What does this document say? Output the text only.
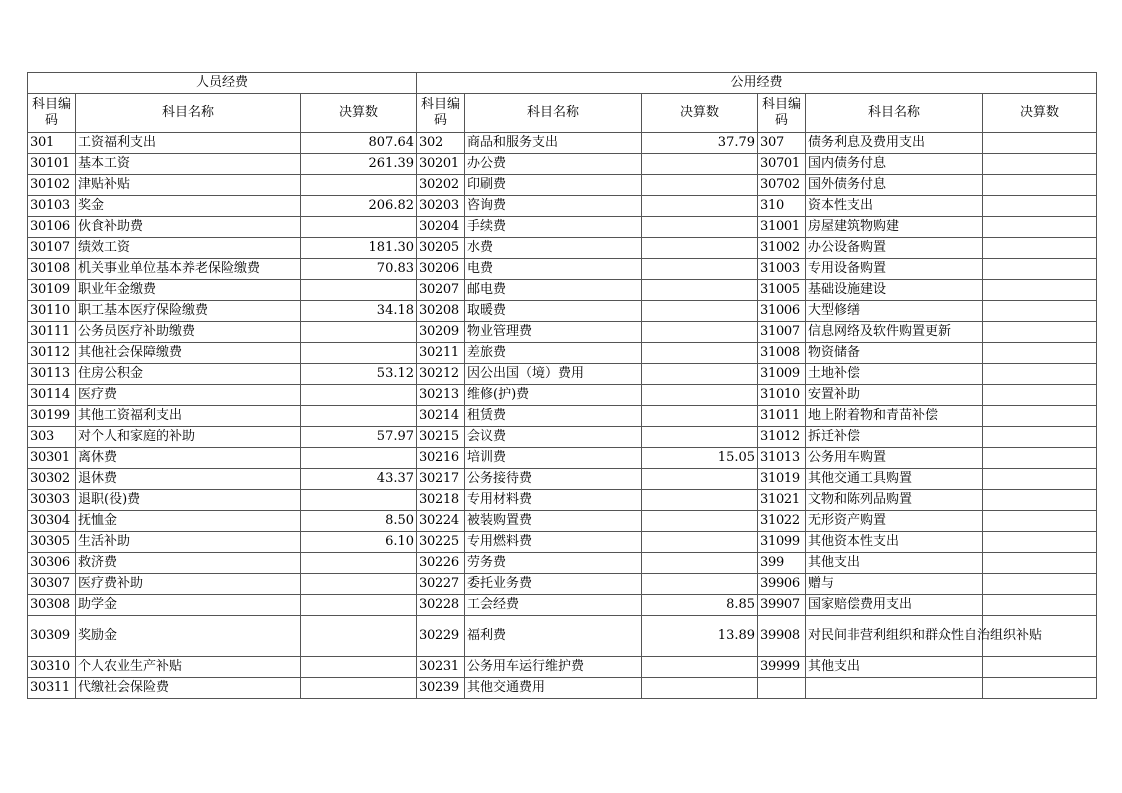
人员经费			公用经费					
科目编码	科目名称	决算数	科目编码	科目名称	决算数	科目编码	科目名称	决算数
301	工资福利支出	807.64	302	商品和服务支出	37.79	307	债务利息及费用支出	
30101	基本工资	261.39	30201	办公费		30701	国内债务付息	
30102	津贴补贴		30202	印刷费		30702	国外债务付息	
30103	奖金	206.82	30203	咨询费		310	资本性支出	
30106	伙食补助费		30204	手续费		31001	房屋建筑物购建	
30107	绩效工资	181.30	30205	水费		31002	办公设备购置	
30108	机关事业单位基本养老保险缴费	70.83	30206	电费		31003	专用设备购置	
30109	职业年金缴费		30207	邮电费		31005	基础设施建设	
30110	职工基本医疗保险缴费	34.18	30208	取暖费		31006	大型修缮	
30111	公务员医疗补助缴费		30209	物业管理费		31007	信息网络及软件购置更新	
30112	其他社会保障缴费		30211	差旅费		31008	物资储备	
30113	住房公积金	53.12	30212	因公出国（境）费用		31009	土地补偿	
30114	医疗费		30213	维修(护)费		31010	安置补助	
30199	其他工资福利支出		30214	租赁费		31011	地上附着物和青苗补偿	
303	对个人和家庭的补助	57.97	30215	会议费		31012	拆迁补偿	
30301	离休费		30216	培训费	15.05	31013	公务用车购置	
30302	退休费	43.37	30217	公务接待费		31019	其他交通工具购置	
30303	退职(役)费		30218	专用材料费		31021	文物和陈列品购置	
30304	抚恤金	8.50	30224	被装购置费		31022	无形资产购置	
30305	生活补助	6.10	30225	专用燃料费		31099	其他资本性支出	
30306	救济费		30226	劳务费		399	其他支出	
30307	医疗费补助		30227	委托业务费		39906	赠与	
30308	助学金		30228	工会经费	8.85	39907	国家赔偿费用支出	
30309	奖励金		30229	福利费	13.89	39908	对民间非营利组织和群众性自治组织补贴	
30310	个人农业生产补贴		30231	公务用车运行维护费		39999	其他支出	
30311	代缴社会保险费		30239	其他交通费用				
